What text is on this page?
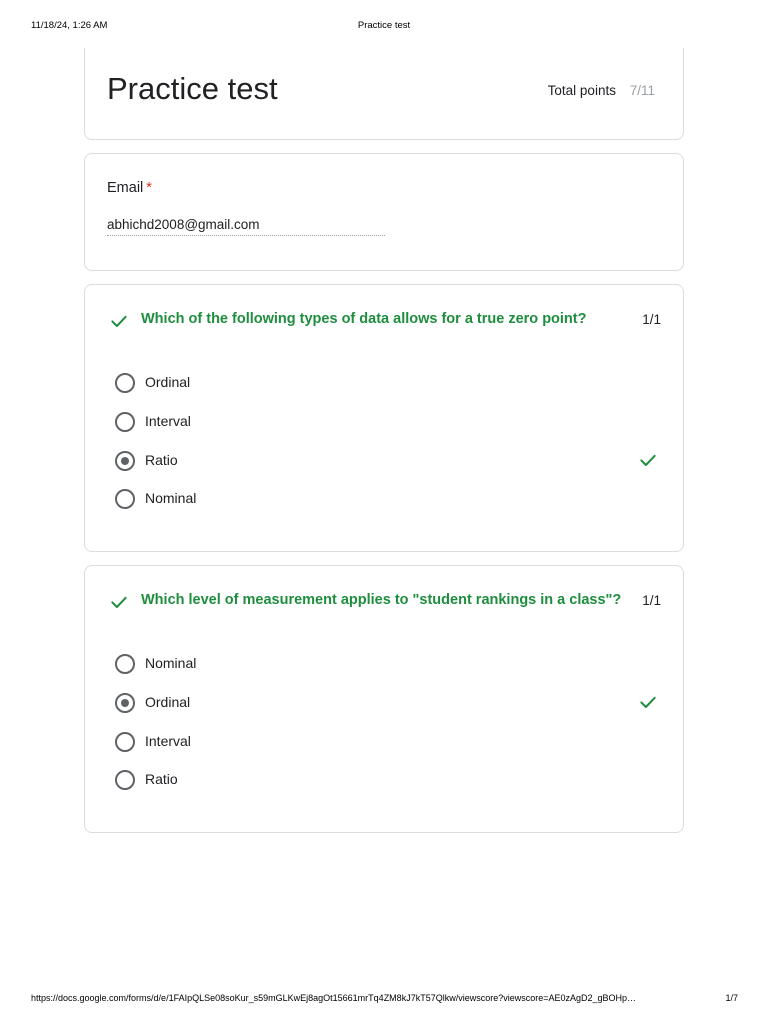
11/18/24, 1:26 AM	Practice test
Practice test	Total points 7/11
Email *
abhichd2008@gmail.com
Which of the following types of data allows for a true zero point?	1/1
Ordinal
Interval
Ratio
Nominal
Which level of measurement applies to "student rankings in a class"? 1/1
Nominal
Ordinal
Interval
Ratio
https://docs.google.com/forms/d/e/1FAIpQLSe08soKur_s59mGLKwEj8agOt15661mrTq4ZM8kJ7kT57Qlkw/viewscore?viewscore=AE0zAgD2_gBOHp…	1/7
